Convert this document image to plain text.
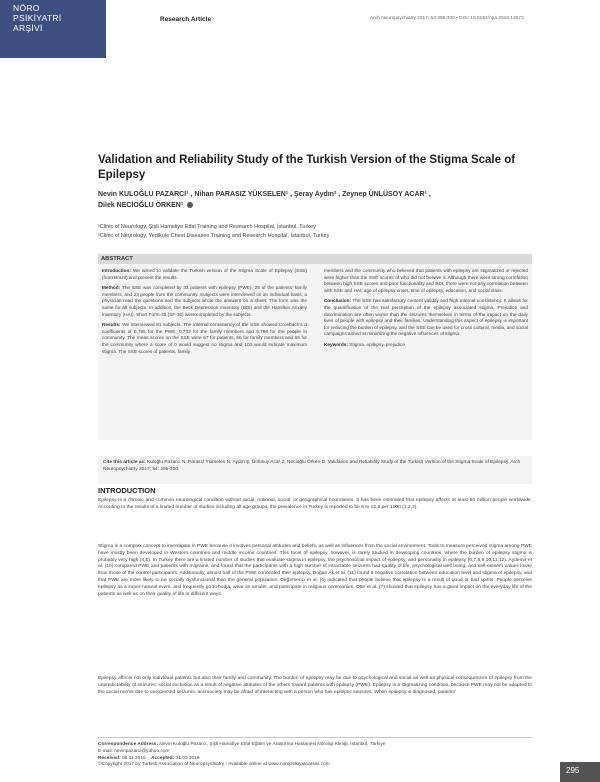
NÖRO
PSİKİYATRİ
ARŞİVİ
Research Article	Arch Neuropsychiatry 2017; 54:295-300 • DOI: 10.5152/npa.2016.12673
Validation and Reliability Study of the Turkish Version of the Stigma Scale of Epilepsy
Nevin KULOĞLU PAZARCI¹ , Nihan PARASIZ YÜKSELEN¹ , Şeray Aydın² , Zeynep ÜNLÜSOY ACAR¹ ,
Dilek NECİOĞLU ÖRKEN¹
¹Clinic of Neurology, Şişli Hamidiye Etfal Training and Research Hospital, İstanbul, Turkey
²Clinic of Neurology, Yedikule Chest Diseases Training and Research Hospital, İstanbul, Turkey
ABSTRACT

Introduction: We aimed to validate the Turkish version of the Stigma Scale of Epilepsy (SSE) (from Brazil) and present the results.

Method: The SSE was completed by 33 patients with epilepsy (PWE), 25 of the patients' family members, and 23 people from the community. Subjects were interviewed on an individual basis; a physician read the questions and the subjects wrote the answers on a sheet. The form was the same for all subjects. In addition, the Beck Depression Inventory (BDI) and the Hamilton Anxiety Inventory (HAI), Short Form-36 (SF-36) were completed by the subjects.

Results: We interviewed 81 subjects. The internal consistency of the SSE showed Cronbach's α coefficients of 0.785 for the PWE, 0.733 for the family members and 0.798 for the people in community. The mean scores on the SSE were 57 for patients, 66 for family members and 65 for the community where a score of 0 would suggest no stigma and 100 would indicate maximum stigma. The SSE scores of patients, family

members and the community who believed that patients with epilepsy are stigmatized or rejected were higher than the SSE scores of who did not believe it. Although there were strong correlation between high SSE scores and poor functionality and BDI; there were not any correlation between with SSE and HAI, age of epilepsy onset, time of epilepsy, education, and social class.

Conclusion: The SSE has satisfactory content validity and high internal consistency. It allows for the quantification of the real perception of the epilepsy associated stigma. Prejudice and discrimination are often worse than the seizures themselves in terms of the impact on the daily lives of people with epilepsy and their families. Understanding this aspect of epilepsy is important for reducing the burden of epilepsy, and the SSE can be used for cross cultural, media, and social campaigns aimed at minimizing the negative influences of stigma.

Keywords: Stigma, epilepsy, prejudice

Cite this article as: Kuloğlu Pazarcı N, Parasız Yükselen N, Aydın Ş, Ünlüsoy Acar Z, Necioğlu Örken D. Validation and Reliability Study of the Turkish Version of the Stigma Scale of Epilepsy. Arch Neuropsychiatry 2017; 54: 295-300.
INTRODUCTION

Epilepsy is a chronic and common neurological condition without racial, national, social, or geographical boundaries. It has been estimated that epilepsy affects at least 50 million people worldwide. According to the results of a limited number of studies including all age groups, the prevalence in Turkey is reported to be 6 to 12.2 per 1000 (1,2,3).

Stigma is a complex concept to investigate in PWE because it involves personal attitudes and beliefs, as well as influences from the social environment. Tools to measure perceived stigma among PWE have mostly been developed in Western countries and middle income countries. This facet of epilepsy, however, is rarely studied in developing countries, where the burden of epilepsy stigma is probably very high (4,5). In Turkey there are a limited number of studies that evaluate stigma in epilepsy, the psychosocial impact of epilepsy, and personality in epilepsy (6,7,8,9,10,11,12). Aydemir et al. (10) compared PWE and patients with migraine, and found that the participants with a high number of intractable seizures had quality of life, psychological well being, and self-esteem values lower than those of the control participants. Additionally, almost half of the PWE concealed their epilepsy. Doğan Ak et al. (11) found a negative correlation between education level and stigma of epilepsy, and that PWE are more likely to be socially dysfunctional than the general population. Değirmenci et al. (6) indicated that people believe that epilepsy is a result of good or bad spirits. People perceive epilepsy as a super-natural event, and frequently go to hodja, wear an amulet, and participate in religious ceremonies. Otte et al. (7) showed that epilepsy has a great impact on the everyday life of the patients as well as on their quality of life in different ways.

Epilepsy affects not only individual patients but also their family and community. The burden of epilepsy may be due to psychological and social as well as physical consequences of epilepsy from the unpredictability of seizures; social exclusion as a result of negative attitudes of the others toward patients with epilepsy (PWE). Epilepsy is a stigmatizing condition, because PWE may not be adapted to the social norms due to unexpected seizures, and society may be afraid of interacting with a person who has epileptic seizures. When epilepsy is diagnosed, patients'

Correspondence Address: Nevin Kuloğlu Pazarcı, Şişli Hamidiye Etfal Eğitim ve Araştırma Hastanesi Nöroloji Kliniği, İstanbul, Türkiye
E-mail: nevinpazarci@yahoo.com
Received: 08.11.2015 Accepted: 31.03.2016
©Copyright 2017 by Turkish Association of Neuropsychiatry - Available online at www.noropsikiyatriarsivi.com
295
